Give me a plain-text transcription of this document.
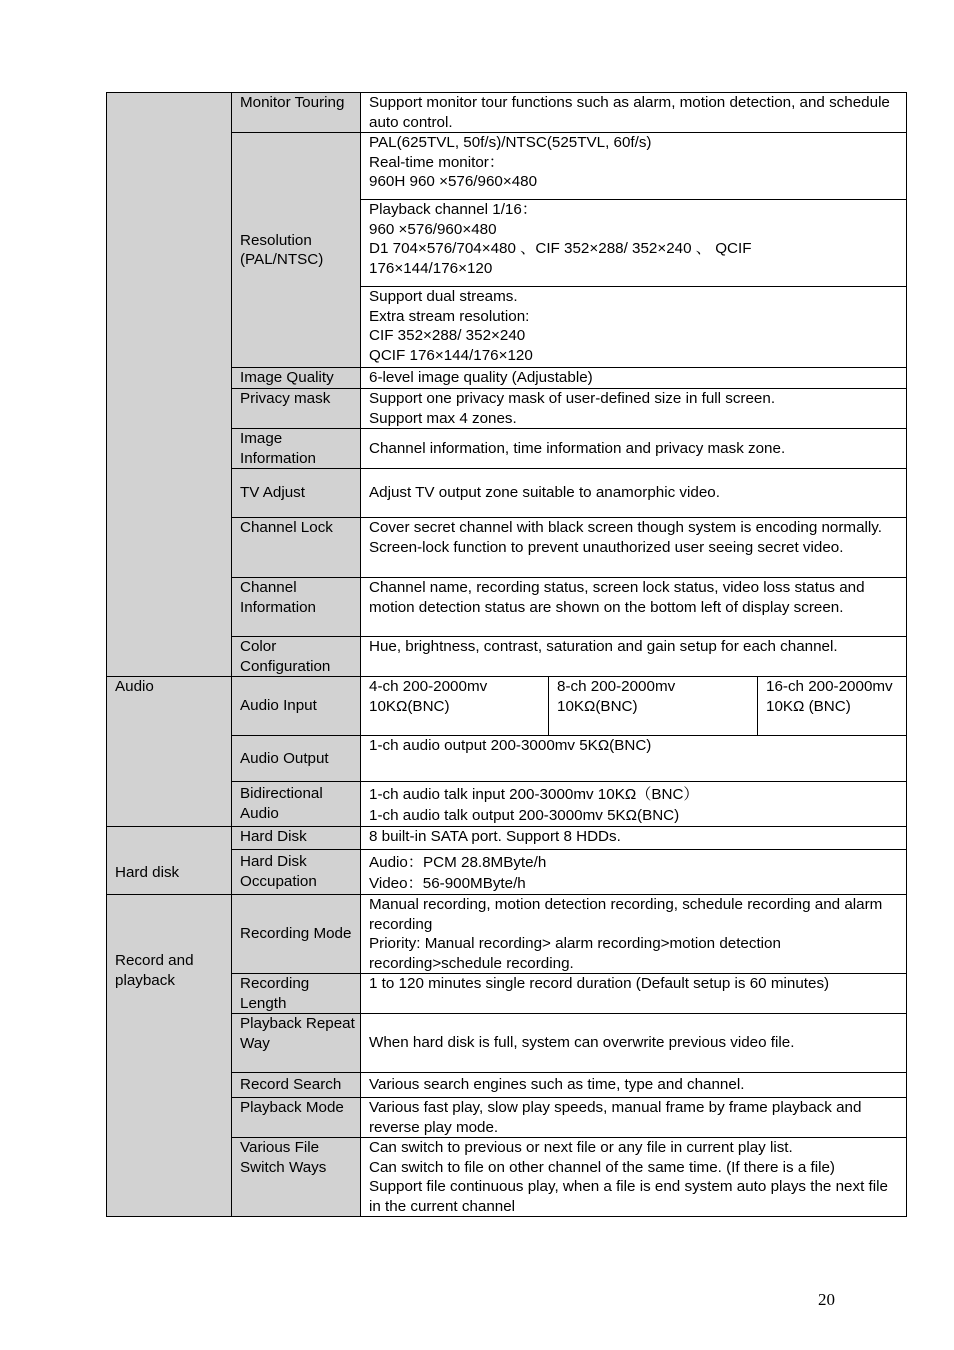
	Monitor Touring	Support monitor tour functions such as alarm, motion detection, and schedule auto control.
	Resolution (PAL/NTSC)	PAL(625TVL, 50f/s)/NTSC(525TVL, 60f/s)
Real-time monitor：
960H 960 ×576/960×480

		Playback channel 1/16：
960 ×576/960×480
D1 704×576/704×480 、CIF 352×288/ 352×240 、 QCIF
176×144/176×120

		Support dual streams.
Extra stream resolution:
CIF 352×288/ 352×240
QCIF 176×144/176×120

	Image Quality	6-level image quality (Adjustable)
	Privacy mask	Support one privacy mask of user-defined size in full screen.
Support max 4 zones.

	Image Information	Channel information, time information and privacy mask zone.
	TV Adjust	Adjust TV output zone suitable to anamorphic video.
	Channel Lock	Cover secret channel with black screen though system is encoding normally.
Screen-lock function to prevent unauthorized user seeing secret video.

	Channel Information	Channel name, recording status, screen lock status, video loss status and motion detection status are shown on the bottom left of display screen.
	Color Configuration	Hue, brightness, contrast, saturation and gain setup for each channel.

Audio	Audio Input	4-ch 200-2000mv 10KΩ(BNC)	8-ch 200-2000mv 10KΩ(BNC)	16-ch 200-2000mv 10KΩ (BNC)
	Audio Output	1-ch audio output 200-3000mv 5KΩ(BNC)		
	Bidirectional Audio	1-ch audio talk input 200-3000mv 10KΩ（BNC）
1-ch audio talk output 200-3000mv 5KΩ(BNC)		

Hard disk	Hard Disk	8 built-in SATA port. Support 8 HDDs.		
	Hard Disk Occupation	Audio：PCM 28.8MByte/h
Video：56-900MByte/h		

Record and playback	Recording Mode	Manual recording, motion detection recording, schedule recording and alarm recording
Priority: Manual recording> alarm recording>motion detection recording>schedule recording.		

	Recording Length	1 to 120 minutes single record duration (Default setup is 60 minutes)		
	Playback Repeat Way	When hard disk is full, system can overwrite previous video file.		
	Record Search	Various search engines such as time, type and channel.		
	Playback Mode	Various fast play, slow play speeds, manual frame by frame playback and reverse play mode.		
	Various File Switch Ways	Can switch to previous or next file or any file in current play list.
Can switch to file on other channel of the same time. (If there is a file)
Support file continuous play, when a file is end system auto plays the next file in the current channel		
20
